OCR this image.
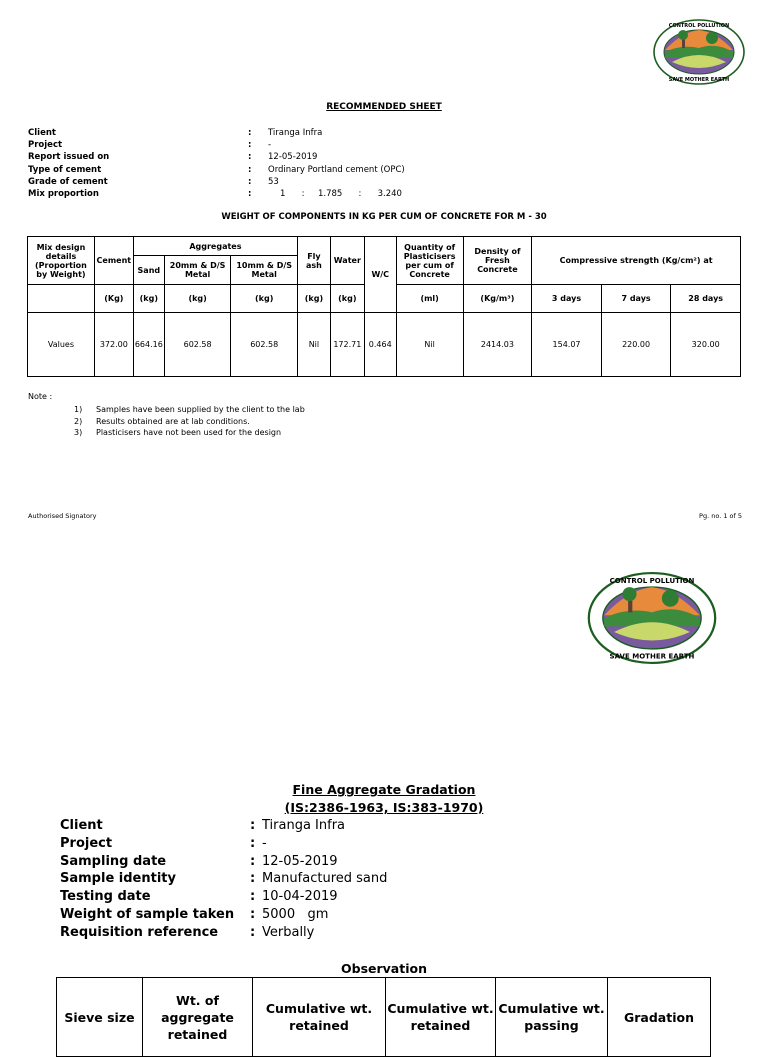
CONTROL POLLUTION
SAVE MOTHER EARTH
RECOMMENDED SHEET
Client	:	Tiranga Infra
Project	:	-
Report issued on	:	12-05-2019
Type of cement	:	Ordinary Portland cement (OPC)
Grade of cement	:	53
Mix proportion	:	1      :     1.785      :      3.240
WEIGHT OF COMPONENTS IN KG PER CUM OF CONCRETE FOR M - 30
Mix design details (Proportion by Weight)	Cement	Aggregates			Fly ash	Water	W/C	Quantity of Plasticisers per cum of Concrete	Density of Fresh Concrete	Compressive strength (Kg/cm²) at		
		Sand	20mm & D/S Metal	10mm & D/S Metal								
	(Kg)	(kg)	(kg)	(kg)	(kg)	(kg)		(ml)	(Kg/m³)	3 days	7 days	28 days
Values	372.00	664.16	602.58	602.58	Nil	172.71	0.464	Nil	2414.03	154.07	220.00	320.00
Note :
1)	Samples have been supplied by the client to the lab
2)	Results obtained are at lab conditions.
3)	Plasticisers have not been used for the design
Authorised Signatory	Pg. no. 1 of 5
CONTROL POLLUTION
SAVE MOTHER EARTH
Fine Aggregate Gradation
(IS:2386-1963, IS:383-1970)
Client	: Tiranga Infra
Project	: -
Sampling date	: 12-05-2019
Sample identity	: Manufactured sand
Testing date	: 10-04-2019
Weight of sample taken	: 5000   gm
Requisition reference	: Verbally
Observation
Sieve size	Wt. of aggregate retained	Cumulative wt. retained	Cumulative wt. retained	Cumulative wt. passing	Gradation
